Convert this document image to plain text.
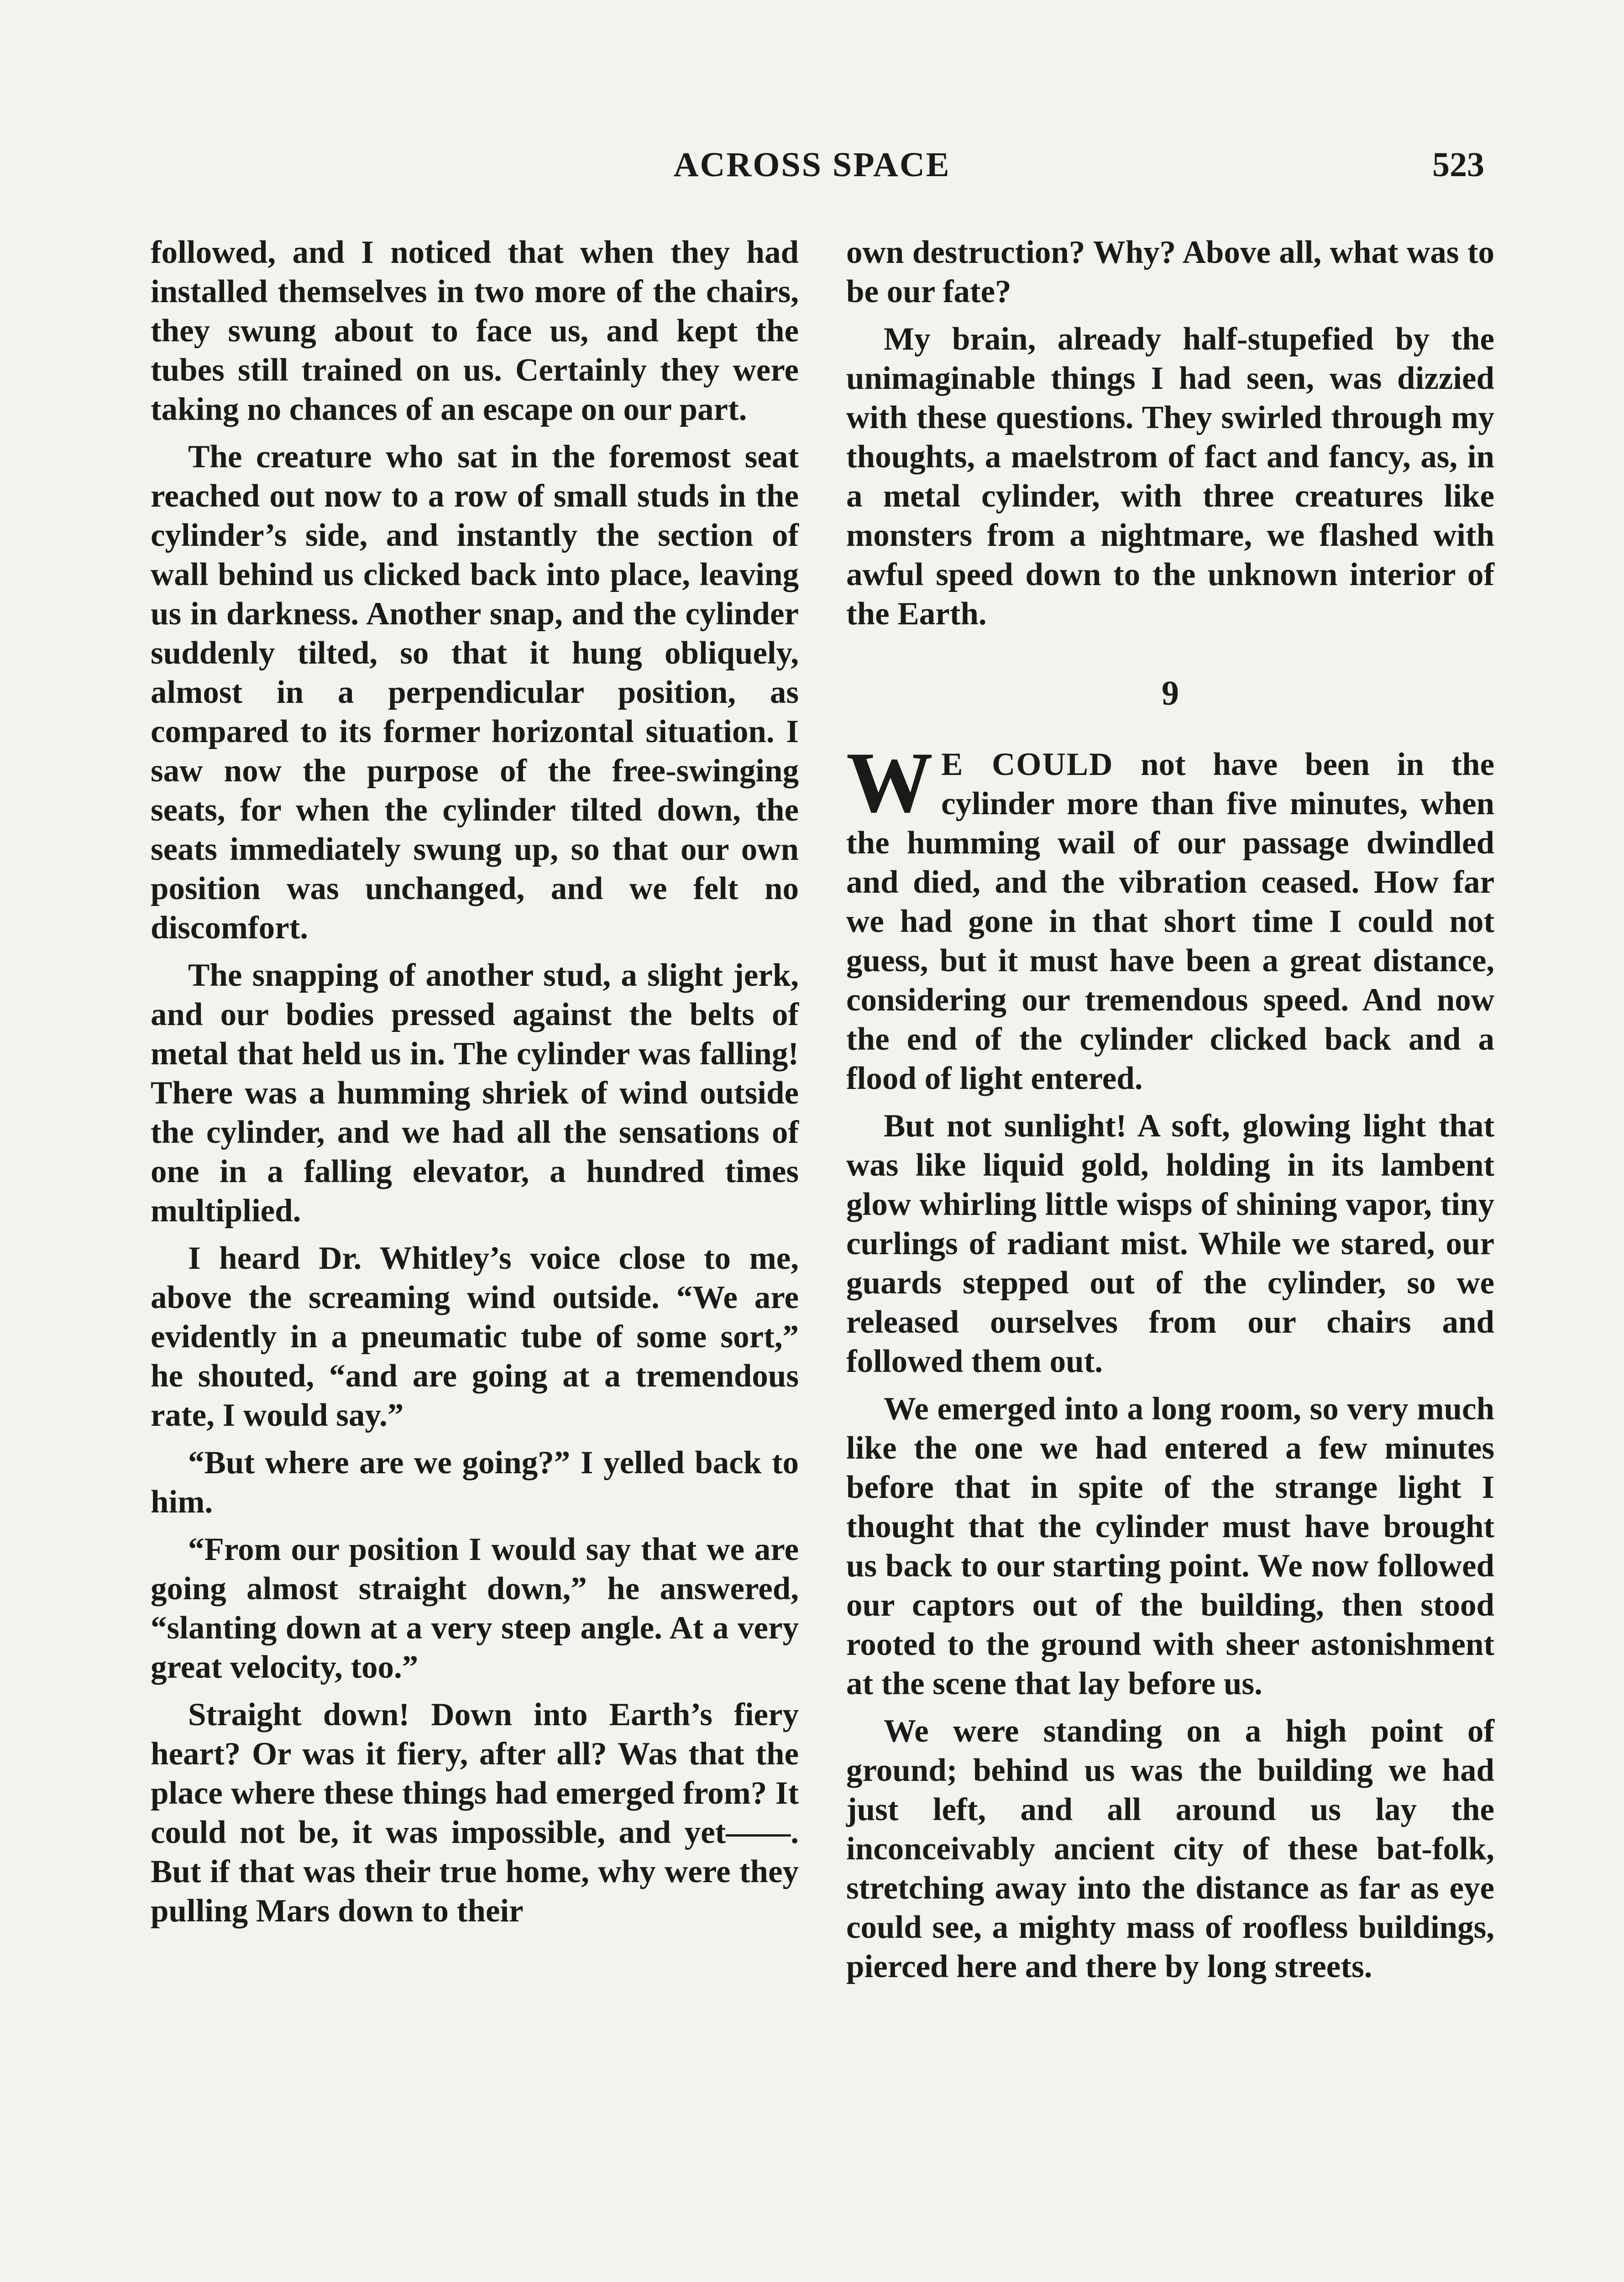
ACROSS SPACE	523

followed, and I noticed that when they had installed themselves in two more of the chairs, they swung about to face us, and kept the tubes still trained on us. Certainly they were taking no chances of an escape on our part.

The creature who sat in the foremost seat reached out now to a row of small studs in the cylinder’s side, and instantly the section of wall behind us clicked back into place, leaving us in darkness. Another snap, and the cylinder suddenly tilted, so that it hung obliquely, almost in a perpendicular position, as compared to its former horizontal situation. I saw now the purpose of the free-swinging seats, for when the cylinder tilted down, the seats immediately swung up, so that our own position was unchanged, and we felt no discomfort.

The snapping of another stud, a slight jerk, and our bodies pressed against the belts of metal that held us in. The cylinder was falling! There was a humming shriek of wind outside the cylinder, and we had all the sensations of one in a falling elevator, a hundred times multiplied.

I heard Dr. Whitley’s voice close to me, above the screaming wind outside. “We are evidently in a pneumatic tube of some sort,” he shouted, “and are going at a tremendous rate, I would say.”

“But where are we going?” I yelled back to him.

“From our position I would say that we are going almost straight down,” he answered, “slanting down at a very steep angle. At a very great velocity, too.”

Straight down! Down into Earth’s fiery heart? Or was it fiery, after all? Was that the place where these things had emerged from? It could not be, it was impossible, and yet——. But if that was their true home, why were they pulling Mars down to their

own destruction? Why? Above all, what was to be our fate?

My brain, already half-stupefied by the unimaginable things I had seen, was dizzied with these questions. They swirled through my thoughts, a maelstrom of fact and fancy, as, in a metal cylinder, with three creatures like monsters from a nightmare, we flashed with awful speed down to the unknown interior of the Earth.

9

W E COULD not have been in the cylinder more than five minutes, when the humming wail of our passage dwindled and died, and the vibration ceased. How far we had gone in that short time I could not guess, but it must have been a great distance, considering our tremendous speed. And now the end of the cylinder clicked back and a flood of light entered.

But not sunlight! A soft, glowing light that was like liquid gold, holding in its lambent glow whirling little wisps of shining vapor, tiny curlings of radiant mist. While we stared, our guards stepped out of the cylinder, so we released ourselves from our chairs and followed them out.

We emerged into a long room, so very much like the one we had entered a few minutes before that in spite of the strange light I thought that the cylinder must have brought us back to our starting point. We now followed our captors out of the building, then stood rooted to the ground with sheer astonishment at the scene that lay before us.

We were standing on a high point of ground; behind us was the building we had just left, and all around us lay the inconceivably ancient city of these bat-folk, stretching away into the distance as far as eye could see, a mighty mass of roofless buildings, pierced here and there by long streets.
